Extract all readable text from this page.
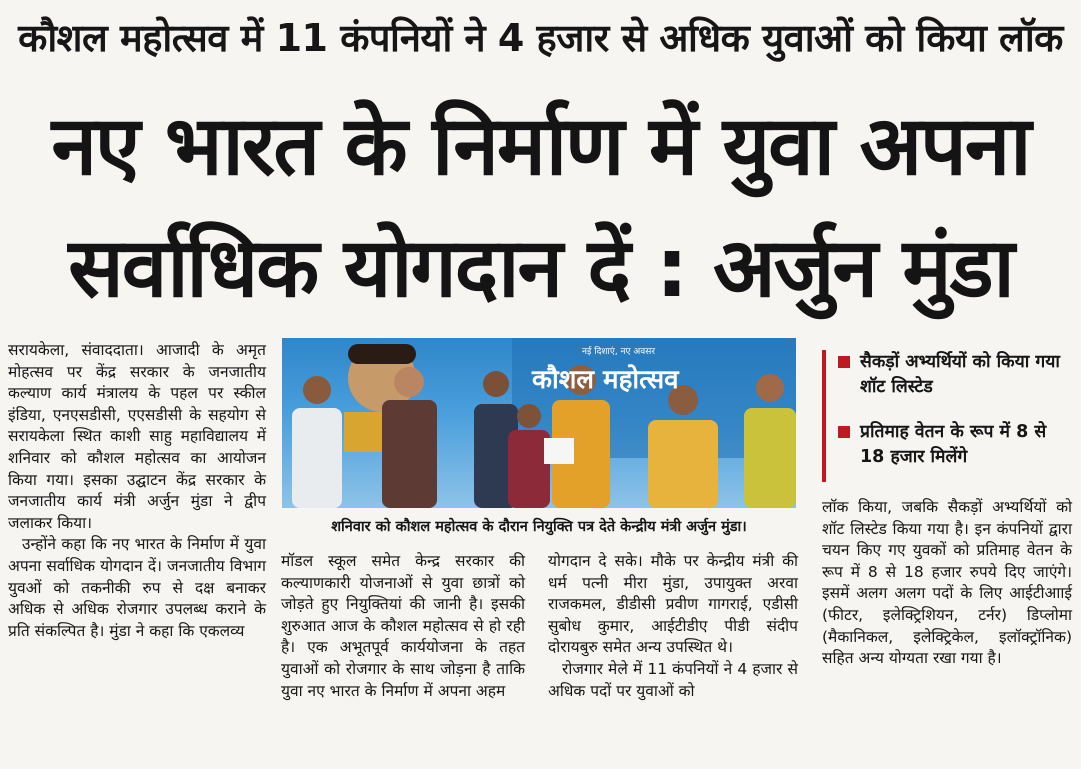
कौशल महोत्सव में 11 कंपनियों ने 4 हजार से अधिक युवाओं को किया लॉक
नए भारत के निर्माण में युवा अपना
सर्वाधिक योगदान दें : अर्जुन मुंडा

सरायकेला, संवाददाता। आजादी के अमृत मोहत्सव पर केंद्र सरकार के जनजातीय कल्याण कार्य मंत्रालय के पहल पर स्कील इंडिया, एनएसडीसी, एएसडीसी के सहयोग से सरायकेला स्थित काशी साहु महाविद्यालय में शनिवार को कौशल महोत्सव का आयोजन किया गया। इसका उद्घाटन केंद्र सरकार के जनजातीय कार्य मंत्री अर्जुन मुंडा ने द्वीप जलाकर किया।

उन्होंने कहा कि नए भारत के निर्माण में युवा अपना सर्वाधिक योगदान दें। जनजातीय विभाग युवओं को तकनीकी रुप से दक्ष बनाकर अधिक से अधिक रोजगार उपलब्ध कराने के प्रति संकल्पित है। मुंडा ने कहा कि एकलव्य

नई दिशाएं, नए अवसर
कौशल महोत्सव
शनिवार को कौशल महोत्सव के दौरान नियुक्ति पत्र देते केन्द्रीय मंत्री अर्जुन मुंडा।
सैकड़ों अभ्यर्थियों को किया गया शॉट लिस्टेड
प्रतिमाह वेतन के रूप में 8 से 18 हजार मिलेंगे

मॉडल स्कूल समेत केन्द्र सरकार की कल्याणकारी योजनाओं से युवा छात्रों को जोड़ते हुए नियुक्तियां की जानी है। इसकी शुरुआत आज के कौशल महोत्सव से हो रही है। एक अभूतपूर्व कार्ययोजना के तहत युवाओं को रोजगार के साथ जोड़ना है ताकि युवा नए भारत के निर्माण में अपना अहम

योगदान दे सके। मौके पर केन्द्रीय मंत्री की धर्म पत्नी मीरा मुंडा, उपायुक्त अरवा राजकमल, डीडीसी प्रवीण गागराई, एडीसी सुबोध कुमार, आईटीडीए पीडी संदीप दोरायबुरु समेत अन्य उपस्थित थे।

रोजगार मेले में 11 कंपनियों ने 4 हजार से अधिक पदों पर युवाओं को

लॉक किया, जबकि सैकड़ों अभ्यर्थियों को शॉट लिस्टेड किया गया है। इन कंपनियों द्वारा चयन किए गए युवकों को प्रतिमाह वेतन के रूप में 8 से 18 हजार रुपये दिए जाएंगे। इसमें अलग अलग पदों के लिए आईटीआाई (फीटर, इलेक्ट्रिशियन, टर्नर) डिप्लोमा (मैकानिकल, इलेक्ट्रिकेल, इलॉक्ट्रॉनिक) सहित अन्य योग्यता रखा गया है।
